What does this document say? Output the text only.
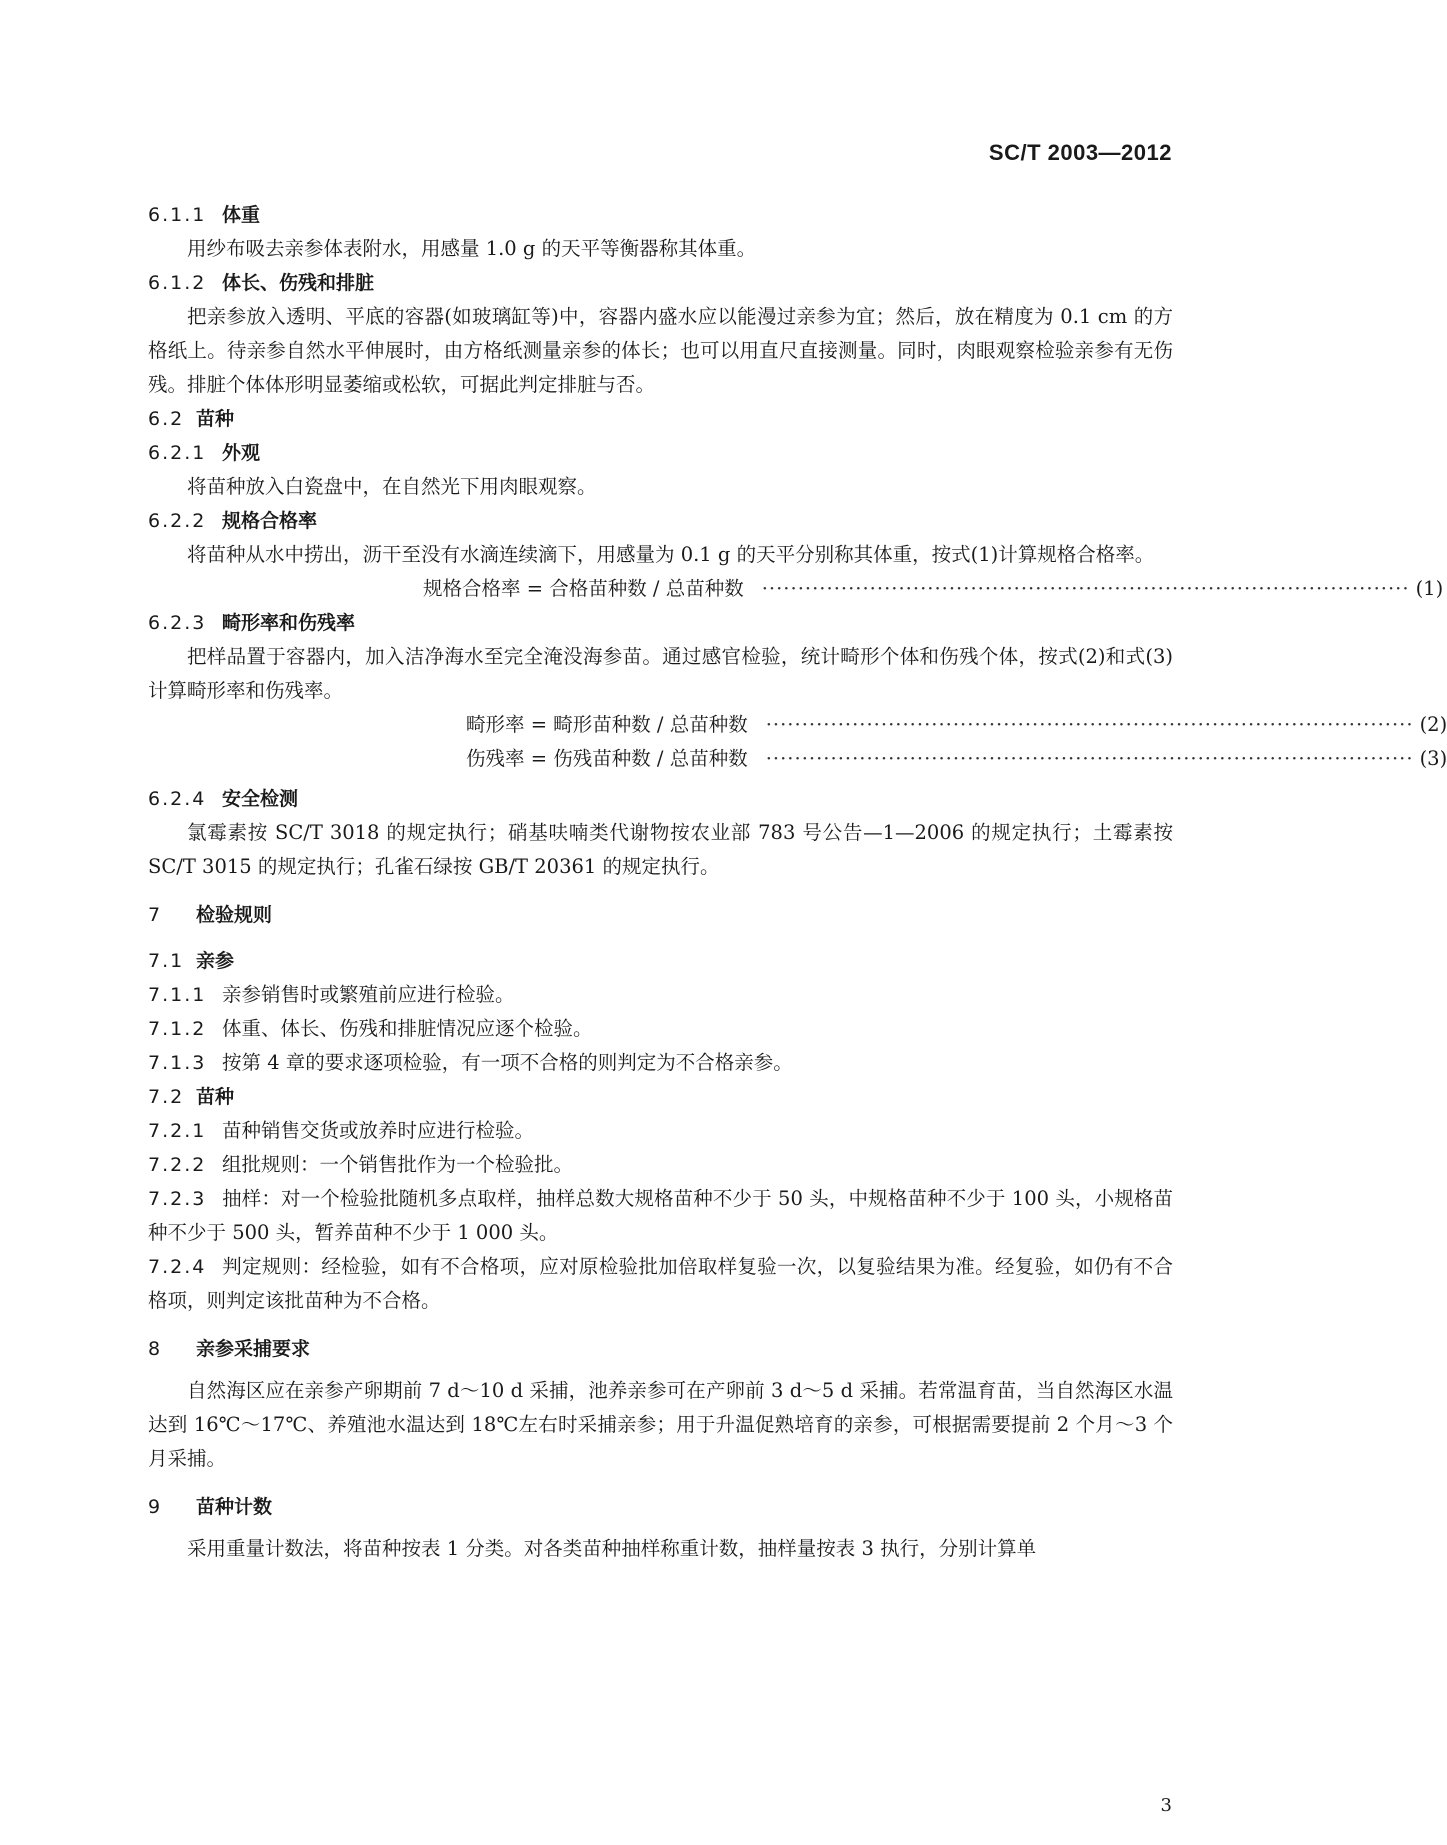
SC/T 2003—2012
6.1.1 体重
用纱布吸去亲参体表附水，用感量 1.0 g 的天平等衡器称其体重。
6.1.2 体长、伤残和排脏
把亲参放入透明、平底的容器(如玻璃缸等)中，容器内盛水应以能漫过亲参为宜；然后，放在精度为 0.1 cm 的方格纸上。待亲参自然水平伸展时，由方格纸测量亲参的体长；也可以用直尺直接测量。同时，肉眼观察检验亲参有无伤残。排脏个体体形明显萎缩或松软，可据此判定排脏与否。
6.2 苗种
6.2.1 外观
将苗种放入白瓷盘中，在自然光下用肉眼观察。
6.2.2 规格合格率
将苗种从水中捞出，沥干至没有水滴连续滴下，用感量为 0.1 g 的天平分别称其体重，按式(1)计算规格合格率。
规格合格率 = 合格苗种数 / 总苗种数 ·························································································· (1)
6.2.3 畸形率和伤残率
把样品置于容器内，加入洁净海水至完全淹没海参苗。通过感官检验，统计畸形个体和伤残个体，按式(2)和式(3)计算畸形率和伤残率。
畸形率 = 畸形苗种数 / 总苗种数 ·························································································· (2)
伤残率 = 伤残苗种数 / 总苗种数 ·························································································· (3)
6.2.4 安全检测
氯霉素按 SC/T 3018 的规定执行；硝基呋喃类代谢物按农业部 783 号公告—1—2006 的规定执行；土霉素按 SC/T 3015 的规定执行；孔雀石绿按 GB/T 20361 的规定执行。
7 检验规则
7.1 亲参
7.1.1 亲参销售时或繁殖前应进行检验。
7.1.2 体重、体长、伤残和排脏情况应逐个检验。
7.1.3 按第 4 章的要求逐项检验，有一项不合格的则判定为不合格亲参。
7.2 苗种
7.2.1 苗种销售交货或放养时应进行检验。
7.2.2 组批规则：一个销售批作为一个检验批。
7.2.3 抽样：对一个检验批随机多点取样，抽样总数大规格苗种不少于 50 头，中规格苗种不少于 100 头，小规格苗种不少于 500 头，暂养苗种不少于 1 000 头。
7.2.4 判定规则：经检验，如有不合格项，应对原检验批加倍取样复验一次，以复验结果为准。经复验，如仍有不合格项，则判定该批苗种为不合格。
8 亲参采捕要求
自然海区应在亲参产卵期前 7 d～10 d 采捕，池养亲参可在产卵前 3 d～5 d 采捕。若常温育苗，当自然海区水温达到 16℃～17℃、养殖池水温达到 18℃左右时采捕亲参；用于升温促熟培育的亲参，可根据需要提前 2 个月～3 个月采捕。
9 苗种计数
采用重量计数法，将苗种按表 1 分类。对各类苗种抽样称重计数，抽样量按表 3 执行，分别计算单
3
